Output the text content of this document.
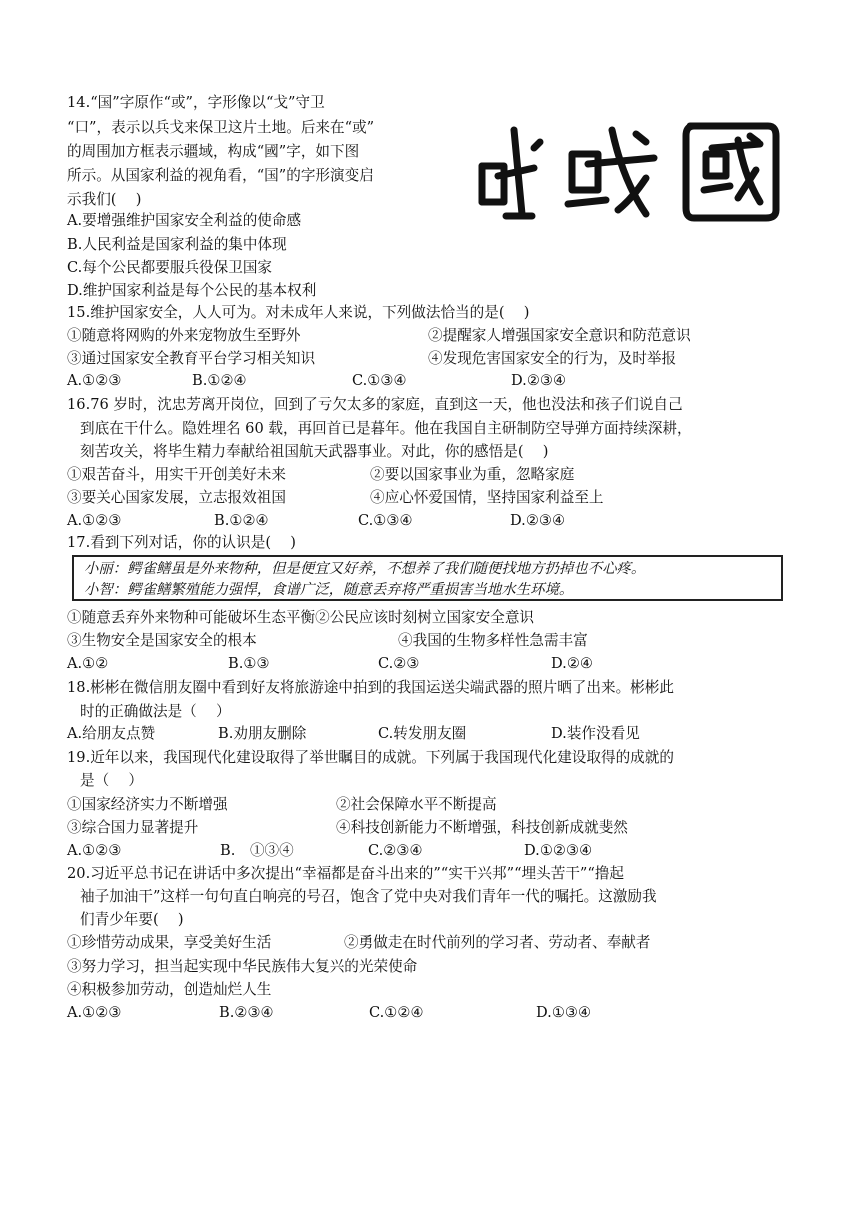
14.“国”字原作“或”，字形像以“戈”守卫
“口”，表示以兵戈来保卫这片土地。后来在“或”
的周围加方框表示疆域，构成“國”字，如下图
所示。从国家利益的视角看，“国”的字形演变启
示我们(　 )
A.要增强维护国家安全利益的使命感
B.人民利益是国家利益的集中体现
C.每个公民都要服兵役保卫国家
D.维护国家利益是每个公民的基本权利
15.维护国家安全，人人可为。对未成年人来说，下列做法恰当的是(　 )
①随意将网购的外来宠物放生至野外	②提醒家人增强国家安全意识和防范意识
③通过国家安全教育平台学习相关知识	④发现危害国家安全的行为，及时举报
A.①②③	B.①②④	C.①③④	D.②③④
16.76 岁时，沈忠芳离开岗位，回到了亏欠太多的家庭，直到这一天，他也没法和孩子们说自己
到底在干什么。隐姓埋名 60 载，再回首已是暮年。他在我国自主研制防空导弹方面持续深耕，
刻苦攻关，将毕生精力奉献给祖国航天武器事业。对此，你的感悟是(　 )
①艰苦奋斗，用实干开创美好未来	②要以国家事业为重，忽略家庭
③要关心国家发展，立志报效祖国	④应心怀爱国情，坚持国家利益至上
A.①②③	B.①②④	C.①③④	D.②③④
17.看到下列对话，你的认识是(　 )
小丽：鳄雀鳝虽是外来物种，但是便宜又好养，不想养了我们随便找地方扔掉也不心疼。
小智：鳄雀鳝繁殖能力强悍，食谱广泛，随意丢弃将严重损害当地水生环境。
①随意丢弃外来物种可能破坏生态平衡②公民应该时刻树立国家安全意识
③生物安全是国家安全的根本	④我国的生物多样性急需丰富
A.①②	B.①③	C.②③	D.②④
18.彬彬在微信朋友圈中看到好友将旅游途中拍到的我国运送尖端武器的照片晒了出来。彬彬此
时的正确做法是（　 ）
A.给朋友点赞	B.劝朋友删除	C.转发朋友圈	D.装作没看见
19.近年以来，我国现代化建设取得了举世瞩目的成就。下列属于我国现代化建设取得的成就的
是（　 ）
①国家经济实力不断增强	②社会保障水平不断提高
③综合国力显著提升	④科技创新能力不断增强，科技创新成就斐然
A.①②③	B.　①③④	C.②③④	D.①②③④
20.习近平总书记在讲话中多次提出“幸福都是奋斗出来的”“实干兴邦”“埋头苦干”“撸起
袖子加油干”这样一句句直白响亮的号召，饱含了党中央对我们青年一代的嘱托。这激励我
们青少年要(　 )
①珍惜劳动成果，享受美好生活	②勇做走在时代前列的学习者、劳动者、奉献者
③努力学习，担当起实现中华民族伟大复兴的光荣使命
④积极参加劳动，创造灿烂人生
A.①②③	B.②③④	C.①②④	D.①③④
